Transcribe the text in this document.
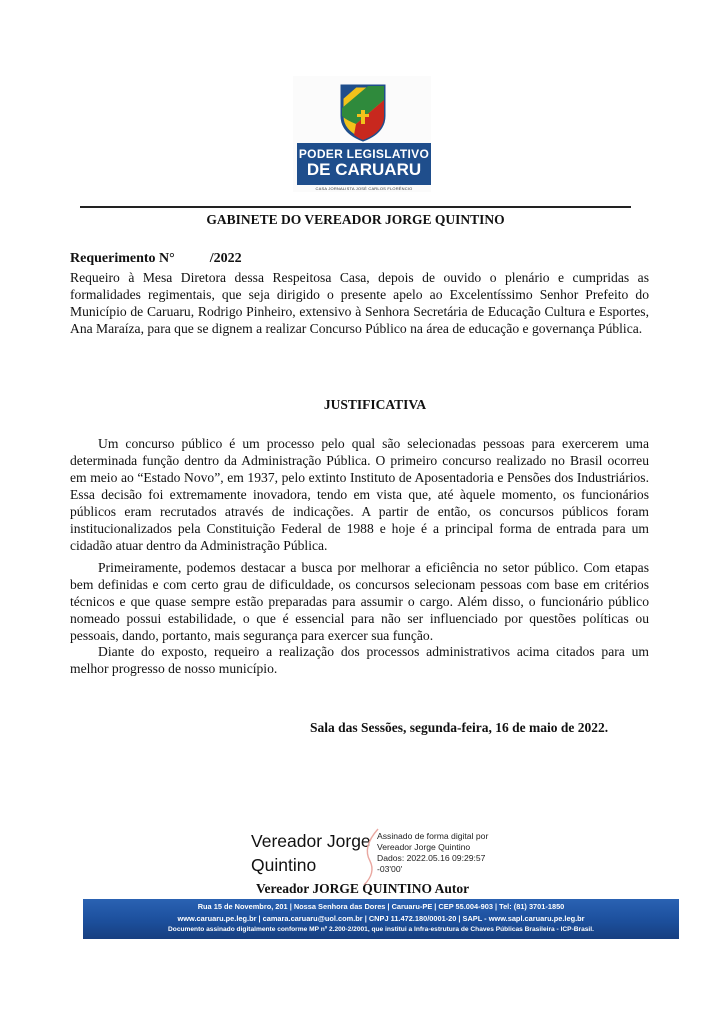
PODER LEGISLATIVO
DE CARUARU
CASA JORNALISTA JOSÉ CARLOS FLORÊNCIO
GABINETE DO VEREADOR JORGE QUINTINO
Requerimento N°          /2022
Requeiro à Mesa Diretora dessa Respeitosa Casa, depois de ouvido o plenário e cumpridas as formalidades regimentais, que seja dirigido o presente apelo ao Excelentíssimo Senhor Prefeito do Município de Caruaru, Rodrigo Pinheiro, extensivo à Senhora Secretária de Educação Cultura e Esportes, Ana Maraíza, para que se dignem a realizar Concurso Público na área de educação e governança Pública.
JUSTIFICATIVA
Um concurso público é um processo pelo qual são selecionadas pessoas para exercerem uma determinada função dentro da Administração Pública. O primeiro concurso realizado no Brasil ocorreu em meio ao “Estado Novo”, em 1937, pelo extinto Instituto de Aposentadoria e Pensões dos Industriários. Essa decisão foi extremamente inovadora, tendo em vista que, até àquele momento, os funcionários públicos eram recrutados através de indicações. A partir de então, os concursos públicos foram institucionalizados pela Constituição Federal de 1988 e hoje é a principal forma de entrada para um cidadão atuar dentro da Administração Pública.
Primeiramente, podemos destacar a busca por melhorar a eficiência no setor público. Com etapas bem definidas e com certo grau de dificuldade, os concursos selecionam pessoas com base em critérios técnicos e que quase sempre estão preparadas para assumir o cargo. Além disso, o funcionário público nomeado possui estabilidade, o que é essencial para não ser influenciado por questões políticas ou pessoais, dando, portanto, mais segurança para exercer sua função.
Diante do exposto, requeiro a realização dos processos administrativos acima citados para um melhor progresso de nosso município.
Sala das Sessões, segunda-feira, 16 de maio de 2022.
Vereador Jorge
Quintino
Assinado de forma digital por
Vereador Jorge Quintino
Dados: 2022.05.16 09:29:57
-03'00'
Vereador JORGE QUINTINO Autor
Rua 15 de Novembro, 201 | Nossa Senhora das Dores | Caruaru-PE | CEP 55.004-903 | Tel: (81) 3701-1850
www.caruaru.pe.leg.br | camara.caruaru@uol.com.br | CNPJ 11.472.180/0001-20 | SAPL - www.sapl.caruaru.pe.leg.br
Documento assinado digitalmente conforme MP nº 2.200-2/2001, que institui a Infra-estrutura de Chaves Públicas Brasileira - ICP-Brasil.
